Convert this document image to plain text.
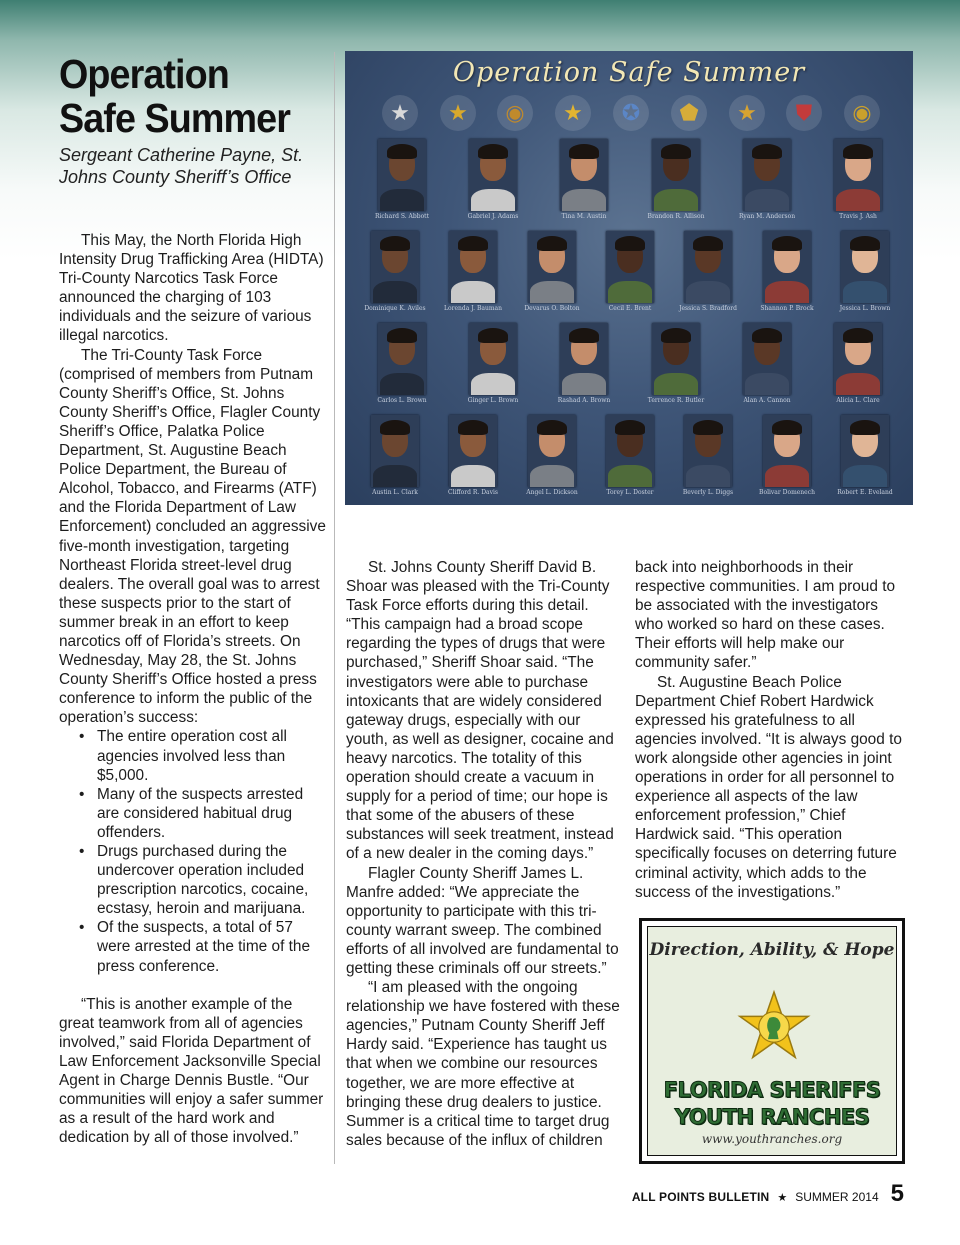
Operation Safe Summer
Sergeant Catherine Payne, St. Johns County Sheriff’s Office

This May, the North Florida High Intensity Drug Trafficking Area (HIDTA) Tri-County Narcotics Task Force announced the charging of 103 individuals and the seizure of various illegal narcotics.

The Tri-County Task Force (comprised of members from Putnam County Sheriff’s Office, St. Johns County Sheriff’s Office, Flagler County Sheriff’s Office, Palatka Police Department, St. Augustine Beach Police Department, the Bureau of Alcohol, Tobacco, and Firearms (ATF) and the Florida Department of Law Enforcement) concluded an aggressive five-month investigation, targeting Northeast Florida street-level drug dealers. The overall goal was to arrest these suspects prior to the start of summer break in an effort to keep narcotics off of Florida’s streets. On Wednesday, May 28, the St. Johns County Sheriff’s Office hosted a press conference to inform the public of the operation’s success:

• The entire operation cost all agencies involved less than $5,000.
• Many of the suspects arrested are considered habitual drug offenders.
• Drugs purchased during the undercover operation included prescription narcotics, cocaine, ecstasy, heroin and marijuana.
• Of the suspects, a total of 57 were arrested at the time of the press conference.

“This is another example of the great teamwork from all of agencies involved,” said Florida Department of Law Enforcement Jacksonville Special Agent in Charge Dennis Bustle. “Our communities will enjoy a safer summer as a result of the hard work and dedication by all of those involved.”

Operation Safe Summer
★	★	◉	★	✪	⬟	★	⛊	◉
Richard S. Abbott	Gabriel J. Adams	Tina M. Austin	Brandon R. Allison	Ryan M. Anderson	Travis J. Ash
Dominique K. Aviles	Lorenda J. Bauman	Devarus O. Bolton	Cecil E. Brent	Jessica S. Bradford	Shannon P. Brock	Jessica L. Brown
Carlos L. Brown	Ginger L. Brown	Rashad A. Brown	Terrence R. Butler	Alan A. Cannon	Alicia L. Clare
Austin L. Clark	Clifford R. Davis	Angel L. Dickson	Torey L. Doster	Beverly L. Diggs	Bolivar Domenech	Robert E. Eveland

St. Johns County Sheriff David B. Shoar was pleased with the Tri-County Task Force efforts during this detail. “This campaign had a broad scope regarding the types of drugs that were purchased,” Sheriff Shoar said. “The investigators were able to purchase intoxicants that are widely considered gateway drugs, especially with our youth, as well as designer, cocaine and heavy narcotics. The totality of this operation should create a vacuum in supply for a period of time; our hope is that some of the abusers of these substances will seek treatment, instead of a new dealer in the coming days.”

Flagler County Sheriff James L. Manfre added: “We appreciate the opportunity to participate with this tri-county warrant sweep. The combined efforts of all involved are fundamental to getting these criminals off our streets.”

“I am pleased with the ongoing relationship we have fostered with these agencies,” Putnam County Sheriff Jeff Hardy said. “Experience has taught us that when we combine our resources together, we are more effective at bringing these drug dealers to justice. Summer is a critical time to target drug sales because of the influx of children

back into neighborhoods in their respective communities. I am proud to be associated with the investigators who worked so hard on these cases. Their efforts will help make our community safer.”

St. Augustine Beach Police Department Chief Robert Hardwick expressed his gratefulness to all agencies involved. “It is always good to work alongside other agencies in joint operations in order for all personnel to experience all aspects of the law enforcement profession,” Chief Hardwick said. “This operation specifically focuses on deterring future criminal activity, which adds to the success of the investigations.”

Direction, Ability, & Hope
FLORIDA SHERIFFS
YOUTH RANCHES
www.youthranches.org
ALL POINTS BULLETIN ★ SUMMER 2014 5
